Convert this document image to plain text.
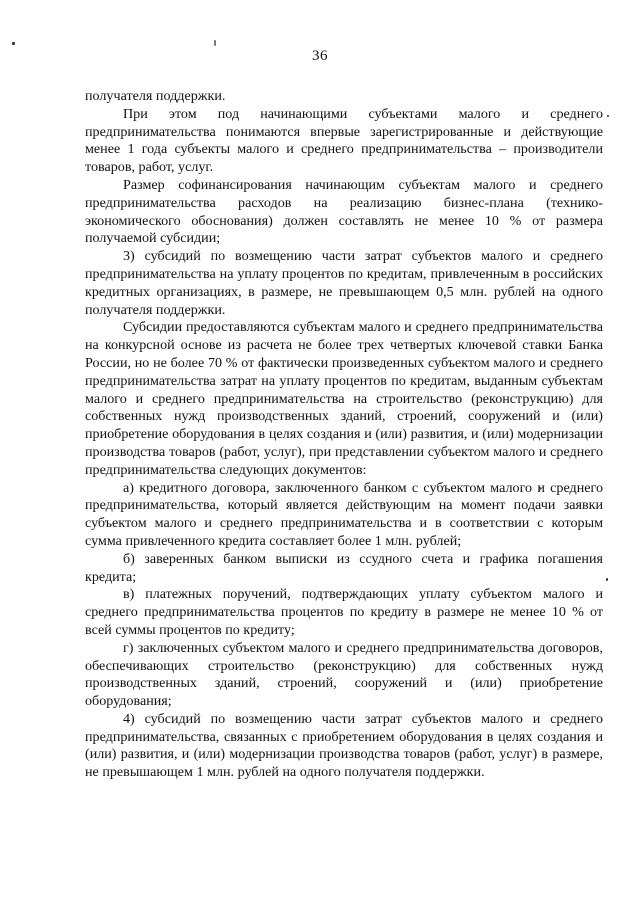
36

получателя поддержки.

При этом под начинающими субъектами малого и среднего предпринимательства понимаются впервые зарегистрированные и действующие менее 1 года субъекты малого и среднего предпринимательства – производители товаров, работ, услуг.

Размер софинансирования начинающим субъектам малого и среднего предпринимательства расходов на реализацию бизнес-плана (технико-экономического обоснования) должен составлять не менее 10 % от размера получаемой субсидии;

3) субсидий по возмещению части затрат субъектов малого и среднего предпринимательства на уплату процентов по кредитам, привлеченным в российских кредитных организациях, в размере, не превышающем 0,5 млн. рублей на одного получателя поддержки.

Субсидии предоставляются субъектам малого и среднего предпринимательства на конкурсной основе из расчета не более трех четвертых ключевой ставки Банка России, но не более 70 % от фактически произведенных субъектом малого и среднего предпринимательства затрат на уплату процентов по кредитам, выданным субъектам малого и среднего предпринимательства на строительство (реконструкцию) для собственных нужд производственных зданий, строений, сооружений и (или) приобретение оборудования в целях создания и (или) развития, и (или) модернизации производства товаров (работ, услуг), при представлении субъектом малого и среднего предпринимательства следующих документов:

а) кредитного договора, заключенного банком с субъектом малого и среднего предпринимательства, который является действующим на момент подачи заявки субъектом малого и среднего предпринимательства и в соответствии с которым сумма привлеченного кредита составляет более 1 млн. рублей;

б) заверенных банком выписки из ссудного счета и графика погашения кредита;

в) платежных поручений, подтверждающих уплату субъектом малого и среднего предпринимательства процентов по кредиту в размере не менее 10 % от всей суммы процентов по кредиту;

г) заключенных субъектом малого и среднего предпринимательства договоров, обеспечивающих строительство (реконструкцию) для собственных нужд производственных зданий, строений, сооружений и (или) приобретение оборудования;

4) субсидий по возмещению части затрат субъектов малого и среднего предпринимательства, связанных с приобретением оборудования в целях создания и (или) развития, и (или) модернизации производства товаров (работ, услуг) в размере, не превышающем 1 млн. рублей на одного получателя поддержки.
